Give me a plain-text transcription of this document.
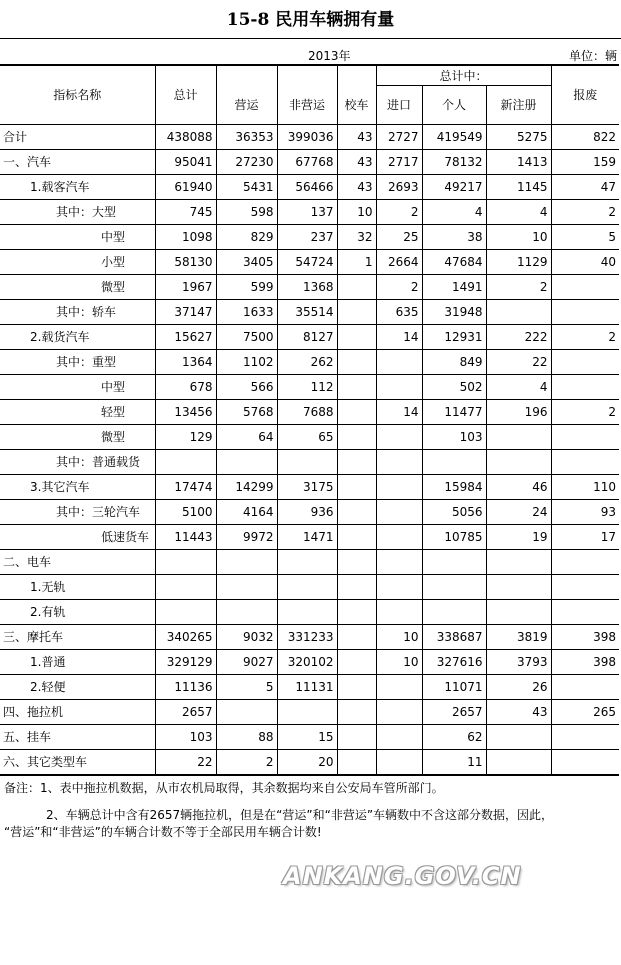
15-8 民用车辆拥有量
2013年	单位：辆
指标名称	总计				总计中：			报废
		营运	非营运	校车	进口	个人	新注册	
合计	438088	36353	399036	43	2727	419549	5275	822
一、汽车	95041	27230	67768	43	2717	78132	1413	159
1.载客汽车	61940	5431	56466	43	2693	49217	1145	47
其中：大型	745	598	137	10	2	4	4	2
中型	1098	829	237	32	25	38	10	5
小型	58130	3405	54724	1	2664	47684	1129	40
微型	1967	599	1368		2	1491	2	
其中：轿车	37147	1633	35514		635	31948		
2.载货汽车	15627	7500	8127		14	12931	222	2
其中：重型	1364	1102	262			849	22	
中型	678	566	112			502	4	
轻型	13456	5768	7688		14	11477	196	2
微型	129	64	65			103		
其中：普通载货								
3.其它汽车	17474	14299	3175			15984	46	110
其中：三轮汽车	5100	4164	936			5056	24	93
低速货车	11443	9972	1471			10785	19	17
二、电车								
1.无轨								
2.有轨								
三、摩托车	340265	9032	331233		10	338687	3819	398
1.普通	329129	9027	320102		10	327616	3793	398
2.轻便	11136	5	11131			11071	26	
四、拖拉机	2657					2657	43	265
五、挂车	103	88	15			62		
六、其它类型车	22	2	20			11		
备注：1、表中拖拉机数据，从市农机局取得，其余数据均来自公安局车管所部门。
2、车辆总计中含有2657辆拖拉机，但是在“营运”和“非营运”车辆数中不含这部分数据，因此，
“营运”和“非营运”的车辆合计数不等于全部民用车辆合计数!
ANKANG.GOV.CN
